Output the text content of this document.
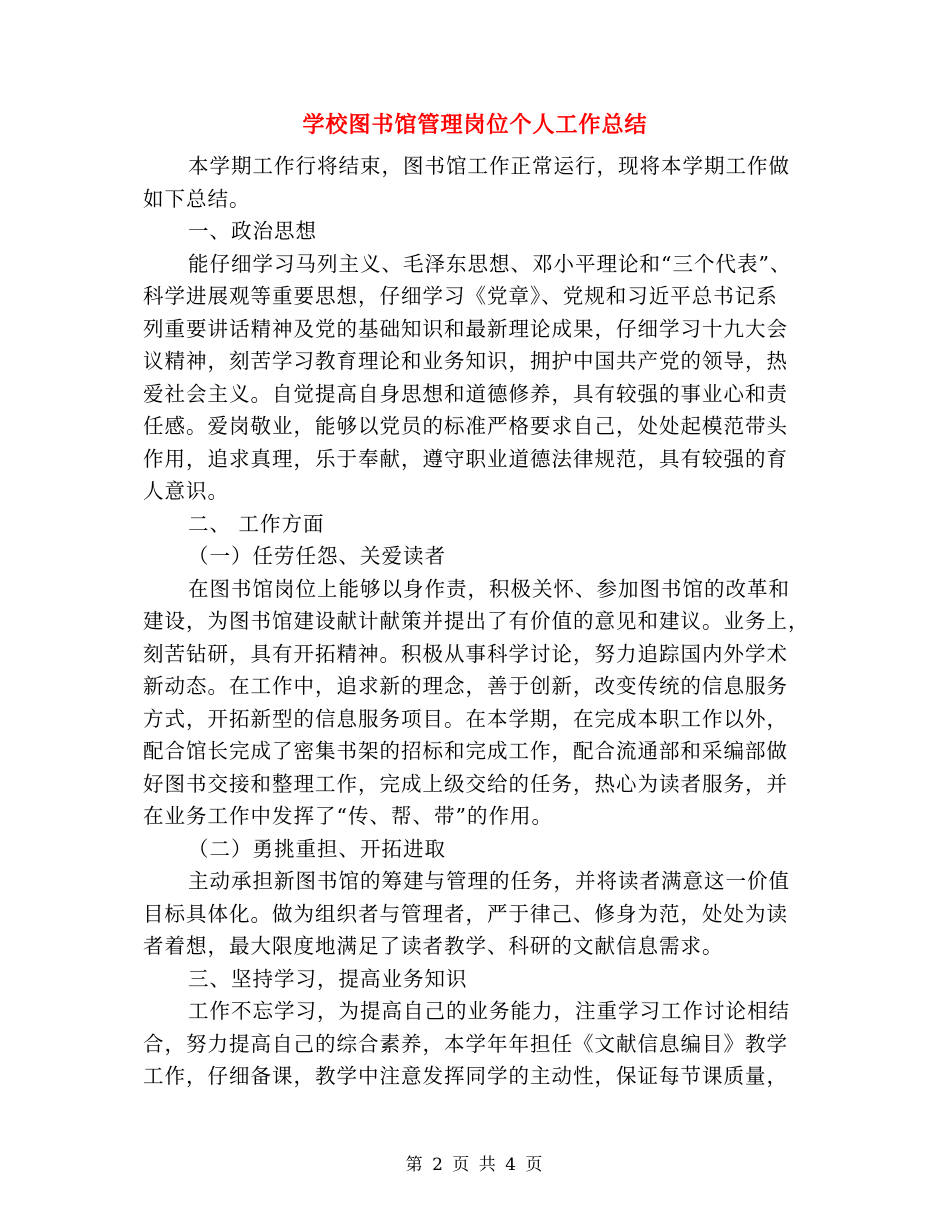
学校图书馆管理岗位个人工作总结
本学期工作行将结束，图书馆工作正常运行，现将本学期工作做
如下总结。
一、政治思想
能仔细学习马列主义、毛泽东思想、邓小平理论和“三个代表”、
科学进展观等重要思想，仔细学习《党章》、党规和习近平总书记系
列重要讲话精神及党的基础知识和最新理论成果，仔细学习十九大会
议精神，刻苦学习教育理论和业务知识，拥护中国共产党的领导，热
爱社会主义。自觉提高自身思想和道德修养，具有较强的事业心和责
任感。爱岗敬业，能够以党员的标准严格要求自己，处处起模范带头
作用，追求真理，乐于奉献，遵守职业道德法律规范，具有较强的育
人意识。
二、 工作方面
（一）任劳任怨、关爱读者
在图书馆岗位上能够以身作责，积极关怀、参加图书馆的改革和
建设，为图书馆建设献计献策并提出了有价值的意见和建议。业务上，
刻苦钻研，具有开拓精神。积极从事科学讨论，努力追踪国内外学术
新动态。在工作中，追求新的理念，善于创新，改变传统的信息服务
方式，开拓新型的信息服务项目。在本学期，在完成本职工作以外，
配合馆长完成了密集书架的招标和完成工作，配合流通部和采编部做
好图书交接和整理工作，完成上级交给的任务，热心为读者服务，并
在业务工作中发挥了“传、帮、带”的作用。
（二）勇挑重担、开拓进取
主动承担新图书馆的筹建与管理的任务，并将读者满意这一价值
目标具体化。做为组织者与管理者，严于律己、修身为范，处处为读
者着想，最大限度地满足了读者教学、科研的文献信息需求。
三、坚持学习，提高业务知识
工作不忘学习，为提高自己的业务能力，注重学习工作讨论相结
合，努力提高自己的综合素养，本学年年担任《文献信息编目》教学
工作，仔细备课，教学中注意发挥同学的主动性，保证每节课质量，
第 2 页 共 4 页
